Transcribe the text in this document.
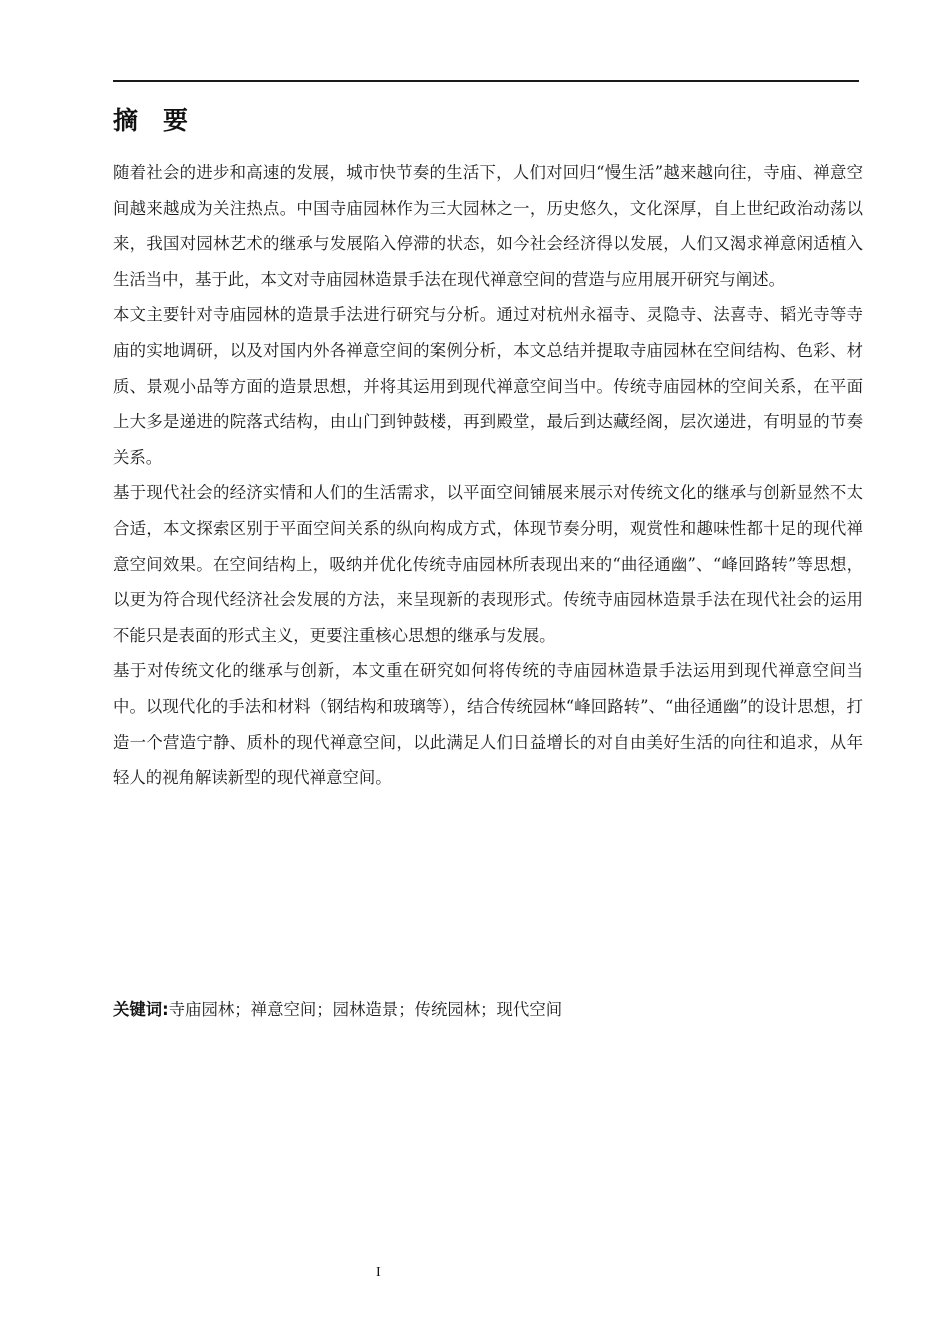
摘　要

随着社会的进步和高速的发展，城市快节奏的生活下，人们对回归“慢生活”越来越向往，寺庙、禅意空间越来越成为关注热点。中国寺庙园林作为三大园林之一，历史悠久，文化深厚，自上世纪政治动荡以来，我国对园林艺术的继承与发展陷入停滞的状态，如今社会经济得以发展，人们又渴求禅意闲适植入生活当中，基于此，本文对寺庙园林造景手法在现代禅意空间的营造与应用展开研究与阐述。

本文主要针对寺庙园林的造景手法进行研究与分析。通过对杭州永福寺、灵隐寺、法喜寺、韬光寺等寺庙的实地调研，以及对国内外各禅意空间的案例分析，本文总结并提取寺庙园林在空间结构、色彩、材质、景观小品等方面的造景思想，并将其运用到现代禅意空间当中。传统寺庙园林的空间关系，在平面上大多是递进的院落式结构，由山门到钟鼓楼，再到殿堂，最后到达藏经阁，层次递进，有明显的节奏关系。

基于现代社会的经济实情和人们的生活需求，以平面空间铺展来展示对传统文化的继承与创新显然不太合适，本文探索区别于平面空间关系的纵向构成方式，体现节奏分明，观赏性和趣味性都十足的现代禅意空间效果。在空间结构上，吸纳并优化传统寺庙园林所表现出来的“曲径通幽”、“峰回路转”等思想，以更为符合现代经济社会发展的方法，来呈现新的表现形式。传统寺庙园林造景手法在现代社会的运用不能只是表面的形式主义，更要注重核心思想的继承与发展。

基于对传统文化的继承与创新，本文重在研究如何将传统的寺庙园林造景手法运用到现代禅意空间当中。以现代化的手法和材料（钢结构和玻璃等），结合传统园林“峰回路转”、“曲径通幽”的设计思想，打造一个营造宁静、质朴的现代禅意空间，以此满足人们日益增长的对自由美好生活的向往和追求，从年轻人的视角解读新型的现代禅意空间。

关键词:寺庙园林；禅意空间；园林造景；传统园林；现代空间
I
